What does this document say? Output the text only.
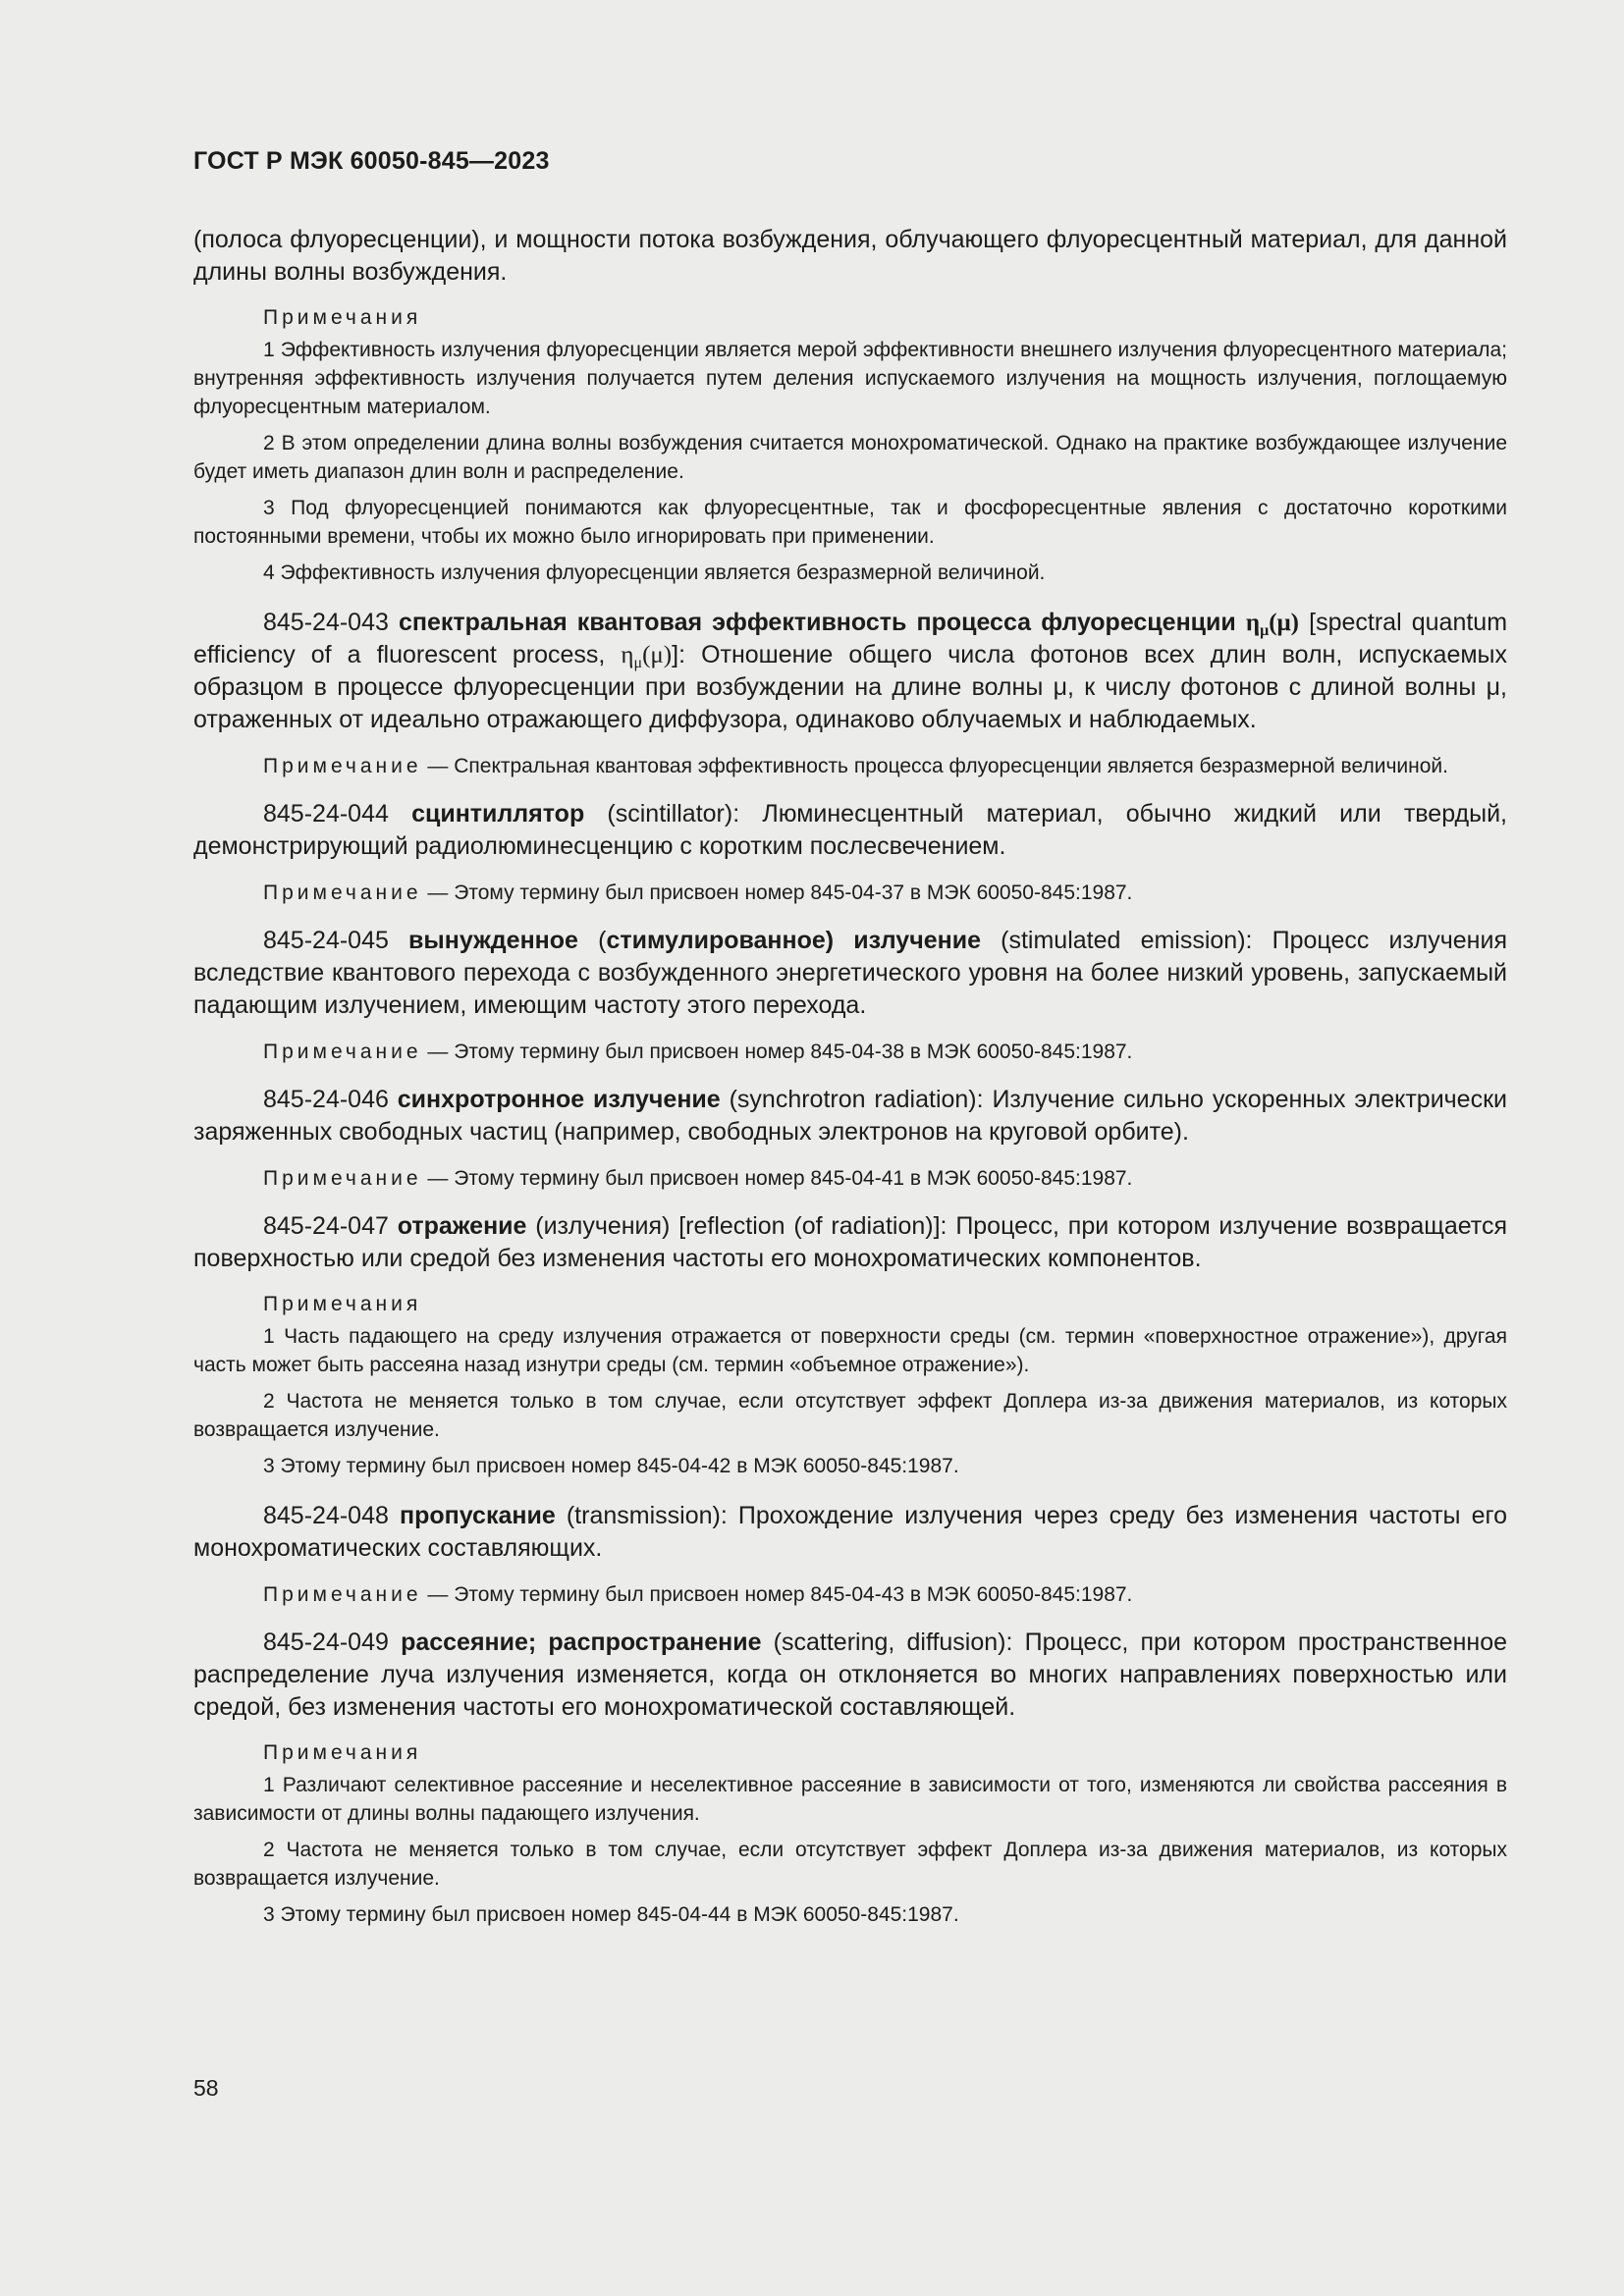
ГОСТ Р МЭК 60050-845—2023

(полоса флуоресценции), и мощности потока возбуждения, облучающего флуоресцентный материал, для данной длины волны возбуждения.

Примечания

1 Эффективность излучения флуоресценции является мерой эффективности внешнего излучения флуоресцентного материала; внутренняя эффективность излучения получается путем деления испускаемого излучения на мощность излучения, поглощаемую флуоресцентным материалом.

2 В этом определении длина волны возбуждения считается монохроматической. Однако на практике возбуждающее излучение будет иметь диапазон длин волн и распределение.

3 Под флуоресценцией понимаются как флуоресцентные, так и фосфоресцентные явления с достаточно короткими постоянными времени, чтобы их можно было игнорировать при применении.

4 Эффективность излучения флуоресценции является безразмерной величиной.

845-24-043 спектральная квантовая эффективность процесса флуоресценции $\eta_\mu(\mu)$ [spectral quantum efficiency of a fluorescent process, $\eta_\mu(\mu)$]: Отношение общего числа фотонов всех длин волн, испускаемых образцом в процессе флуоресценции при возбуждении на длине волны μ, к числу фотонов с длиной волны μ, отраженных от идеально отражающего диффузора, одинаково облучаемых и наблюдаемых.

Примечание — Спектральная квантовая эффективность процесса флуоресценции является безразмерной величиной.

845-24-044 сцинтиллятор (scintillator): Люминесцентный материал, обычно жидкий или твердый, демонстрирующий радиолюминесценцию с коротким послесвечением.

Примечание — Этому термину был присвоен номер 845-04-37 в МЭК 60050-845:1987.

845-24-045 вынужденное (стимулированное) излучение (stimulated emission): Процесс излучения вследствие квантового перехода с возбужденного энергетического уровня на более низкий уровень, запускаемый падающим излучением, имеющим частоту этого перехода.

Примечание — Этому термину был присвоен номер 845-04-38 в МЭК 60050-845:1987.

845-24-046 синхротронное излучение (synchrotron radiation): Излучение сильно ускоренных электрически заряженных свободных частиц (например, свободных электронов на круговой орбите).

Примечание — Этому термину был присвоен номер 845-04-41 в МЭК 60050-845:1987.

845-24-047 отражение (излучения) [reflection (of radiation)]: Процесс, при котором излучение возвращается поверхностью или средой без изменения частоты его монохроматических компонентов.

Примечания

1 Часть падающего на среду излучения отражается от поверхности среды (см. термин «поверхностное отражение»), другая часть может быть рассеяна назад изнутри среды (см. термин «объемное отражение»).

2 Частота не меняется только в том случае, если отсутствует эффект Доплера из-за движения материалов, из которых возвращается излучение.

3 Этому термину был присвоен номер 845-04-42 в МЭК 60050-845:1987.

845-24-048 пропускание (transmission): Прохождение излучения через среду без изменения частоты его монохроматических составляющих.

Примечание — Этому термину был присвоен номер 845-04-43 в МЭК 60050-845:1987.

845-24-049 рассеяние; распространение (scattering, diffusion): Процесс, при котором пространственное распределение луча излучения изменяется, когда он отклоняется во многих направлениях поверхностью или средой, без изменения частоты его монохроматической составляющей.

Примечания

1 Различают селективное рассеяние и неселективное рассеяние в зависимости от того, изменяются ли свойства рассеяния в зависимости от длины волны падающего излучения.

2 Частота не меняется только в том случае, если отсутствует эффект Доплера из-за движения материалов, из которых возвращается излучение.

3 Этому термину был присвоен номер 845-04-44 в МЭК 60050-845:1987.

58
